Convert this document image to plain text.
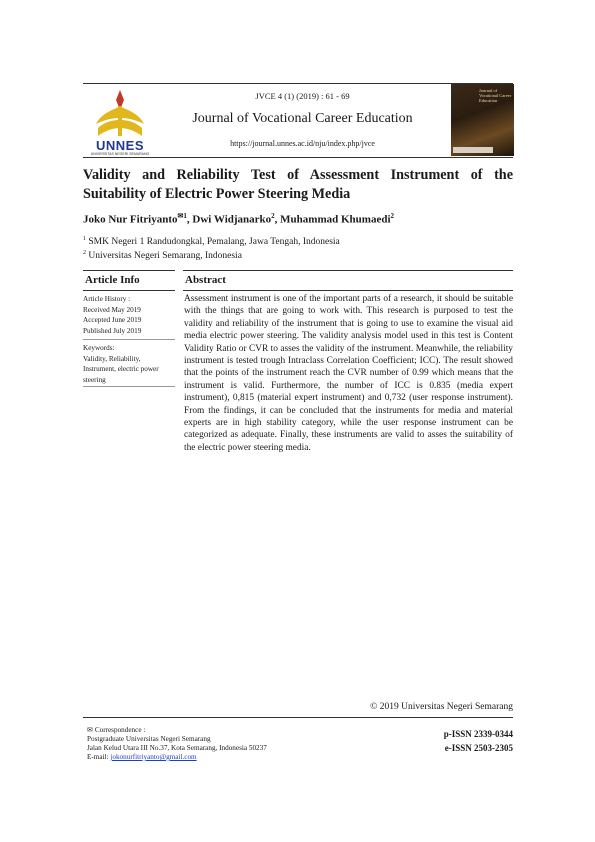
UNNES
UNIVERSITAS NEGERI SEMARANG
Journal of Vocational Career Education
JVCE 4 (1) (2019) : 61 - 69
Journal of Vocational Career Education
https://journal.unnes.ac.id/nju/index.php/jvce
Validity and Reliability Test of Assessment Instrument of the Suitability of Electric Power Steering Media
Joko Nur Fitriyanto$^{✉1}$, Dwi Widjanarko$^2$, Muhammad Khumaedi$^2$
$^1$ SMK Negeri 1 Randudongkal, Pemalang, Jawa Tengah, Indonesia
$^2$ Universitas Negeri Semarang, Indonesia
Article Info
Article History :
Received May 2019
Accepted June 2019
Published July 2019
Keywords:
Validity, Reliability, Instrument, electric power steering
Abstract
Assessment instrument is one of the important parts of a research, it should be suitable with the things that are going to work with. This research is purposed to test the validity and reliability of the instrument that is going to use to examine the visual aid media electric power steering. The validity analysis model used in this test is Content Validity Ratio or CVR to asses the validity of the instrument. Meanwhile, the reliability instrument is tested trough Intraclass Correlation Coefficient; ICC). The result showed that the points of the instrument reach the CVR number of 0.99 which means that the instrument is valid. Furthermore, the number of ICC is 0.835 (media expert instrument), 0,815 (material expert instrument) and 0,732 (user response instrument). From the findings, it can be concluded that the instruments for media and material experts are in high stability category, while the user response instrument can be categorized as adequate. Finally, these instruments are valid to asses the suitability of the electric power steering media.
© 2019 Universitas Negeri Semarang
✉ Correspondence :
Postgraduate Universitas Negeri Semarang
Jalan Kelud Utara III No.37, Kota Semarang, Indonesia 50237
E-mail: jokonurfitriyanto@gmail.com
p-ISSN 2339-0344
e-ISSN 2503-2305
